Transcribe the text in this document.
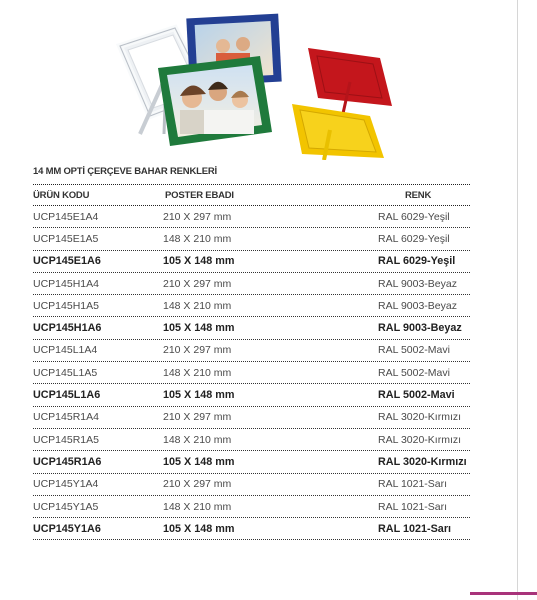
14 MM OPTİ ÇERÇEVE BAHAR RENKLERİ
ÜRÜN KODU	POSTER EBADI	RENK
UCP145E1A4	210 X 297 mm	RAL 6029-Yeşil
UCP145E1A5	148 X 210 mm	RAL 6029-Yeşil
UCP145E1A6	105 X 148 mm	RAL 6029-Yeşil
UCP145H1A4	210 X 297 mm	RAL 9003-Beyaz
UCP145H1A5	148 X 210 mm	RAL 9003-Beyaz
UCP145H1A6	105 X 148 mm	RAL 9003-Beyaz
UCP145L1A4	210 X 297 mm	RAL 5002-Mavi
UCP145L1A5	148 X 210 mm	RAL 5002-Mavi
UCP145L1A6	105 X 148 mm	RAL 5002-Mavi
UCP145R1A4	210 X 297 mm	RAL 3020-Kırmızı
UCP145R1A5	148 X 210 mm	RAL 3020-Kırmızı
UCP145R1A6	105 X 148 mm	RAL 3020-Kırmızı
UCP145Y1A4	210 X 297 mm	RAL 1021-Sarı
UCP145Y1A5	148 X 210 mm	RAL 1021-Sarı
UCP145Y1A6	105 X 148 mm	RAL 1021-Sarı
